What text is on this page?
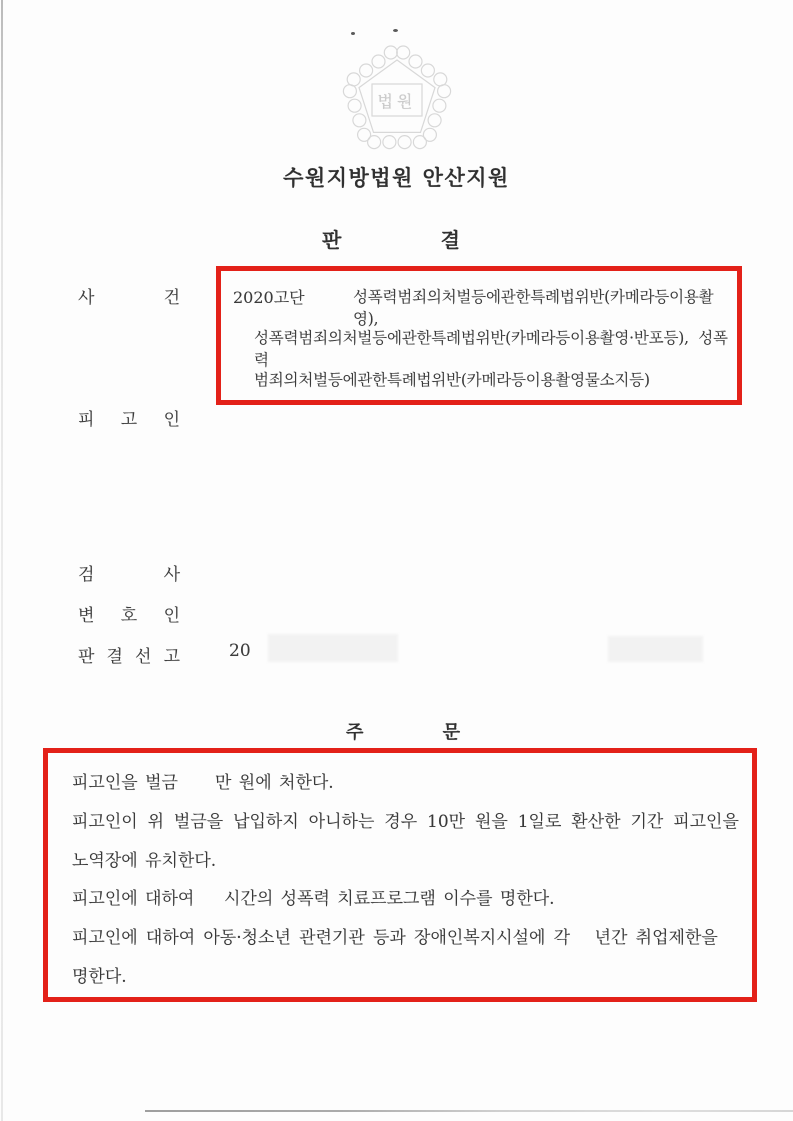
법원
수원지방법원 안산지원
판 결
사 건
피 고 인
검 사
변 호 인
판 결 선 고	20
2020고단	성폭력범죄의처벌등에관한특례법위반(카메라등이용촬영),
성폭력범죄의처벌등에관한특례법위반(카메라등이용촬영·반포등),  성폭력
범죄의처벌등에관한특례법위반(카메라등이용촬영물소지등)
주 문
피고인을 벌금     만 원에 처한다.
피고인이 위 벌금을 납입하지 아니하는 경우 10만 원을 1일로 환산한 기간 피고인을
노역장에 유치한다.
피고인에 대하여    시간의 성폭력 치료프로그램 이수를 명한다.
피고인에 대하여 아동·청소년 관련기관 등과 장애인복지시설에 각   년간 취업제한을
명한다.
